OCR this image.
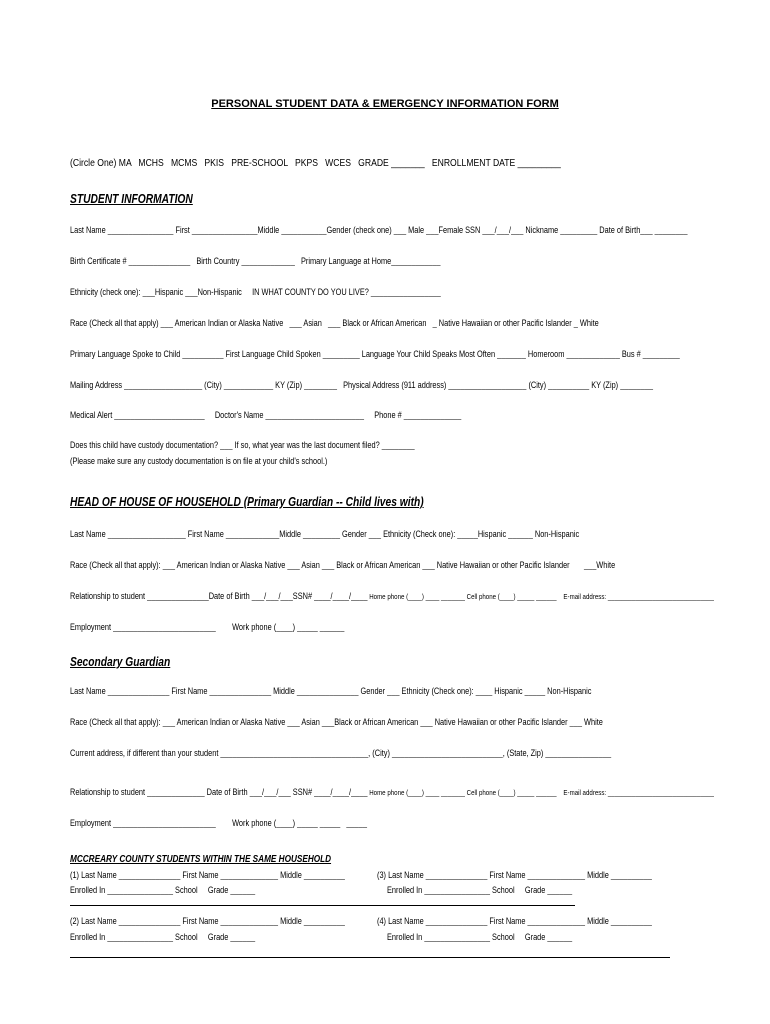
PERSONAL STUDENT DATA & EMERGENCY INFORMATION FORM
(Circle One) MA   MCHS   MCMS   PKIS   PRE-SCHOOL   PKPS   WCES   GRADE _______   ENROLLMENT DATE _________
STUDENT INFORMATION
Last Name ________________ First ________________Middle ___________Gender (check one) ___ Male ___Female SSN ___/___/___ Nickname _________ Date of Birth___ ________
Birth Certificate # _______________   Birth Country _____________   Primary Language at Home____________
Ethnicity (check one): ___Hispanic ___Non-Hispanic     IN WHAT COUNTY DO YOU LIVE? _________________
Race (Check all that apply) ___ American Indian or Alaska Native   ___ Asian   ___ Black or African American   _ Native Hawaiian or other Pacific Islander _ White
Primary Language Spoke to Child __________ First Language Child Spoken _________ Language Your Child Speaks Most Often _______ Homeroom _____________ Bus # _________
Mailing Address ___________________ (City) ____________ KY (Zip) ________   Physical Address (911 address) ___________________ (City) __________ KY (Zip) ________
Medical Alert ______________________     Doctor's Name ________________________     Phone # ______________
Does this child have custody documentation? ___ If so, what year was the last document filed? ________
(Please make sure any custody documentation is on file at your child's school.)
HEAD OF HOUSE OF HOUSEHOLD (Primary Guardian -- Child lives with)
Last Name ___________________ First Name _____________Middle _________ Gender ___ Ethnicity (Check one): _____Hispanic ______ Non-Hispanic
Race (Check all that apply): ___ American Indian or Alaska Native ___ Asian ___ Black or African American ___ Native Hawaiian or other Pacific Islander       ___White
Relationship to student _______________Date of Birth ___/___/___SSN# ____/____/____ Home phone (____) ____ _______ Cell phone (____) _____ ______    E-mail address: _______________________________
Employment _________________________        Work phone (____) _____ ______
Secondary Guardian
Last Name _______________ First Name _______________ Middle _______________ Gender ___ Ethnicity (Check one): ____ Hispanic _____ Non-Hispanic
Race (Check all that apply): ___ American Indian or Alaska Native ___ Asian ___Black or African American ___ Native Hawaiian or other Pacific Islander ___ White
Current address, if different than your student ____________________________________, (City) ___________________________, (State, Zip) ________________
Relationship to student ______________ Date of Birth ___/___/___ SSN# ____/____/____ Home phone (____) ____ _______ Cell phone (____) _____ ______    E-mail address: _______________________________
Employment _________________________        Work phone (____) _____ _____   _____
MCCREARY COUNTY STUDENTS WITHIN THE SAME HOUSEHOLD
(1) Last Name _______________ First Name ______________ Middle __________
Enrolled In ________________ School     Grade ______
(3) Last Name _______________ First Name ______________ Middle __________
Enrolled In ________________ School     Grade ______
(2) Last Name _______________ First Name ______________ Middle __________
Enrolled In ________________ School     Grade ______
(4) Last Name _______________ First Name ______________ Middle __________
Enrolled In ________________ School     Grade ______
